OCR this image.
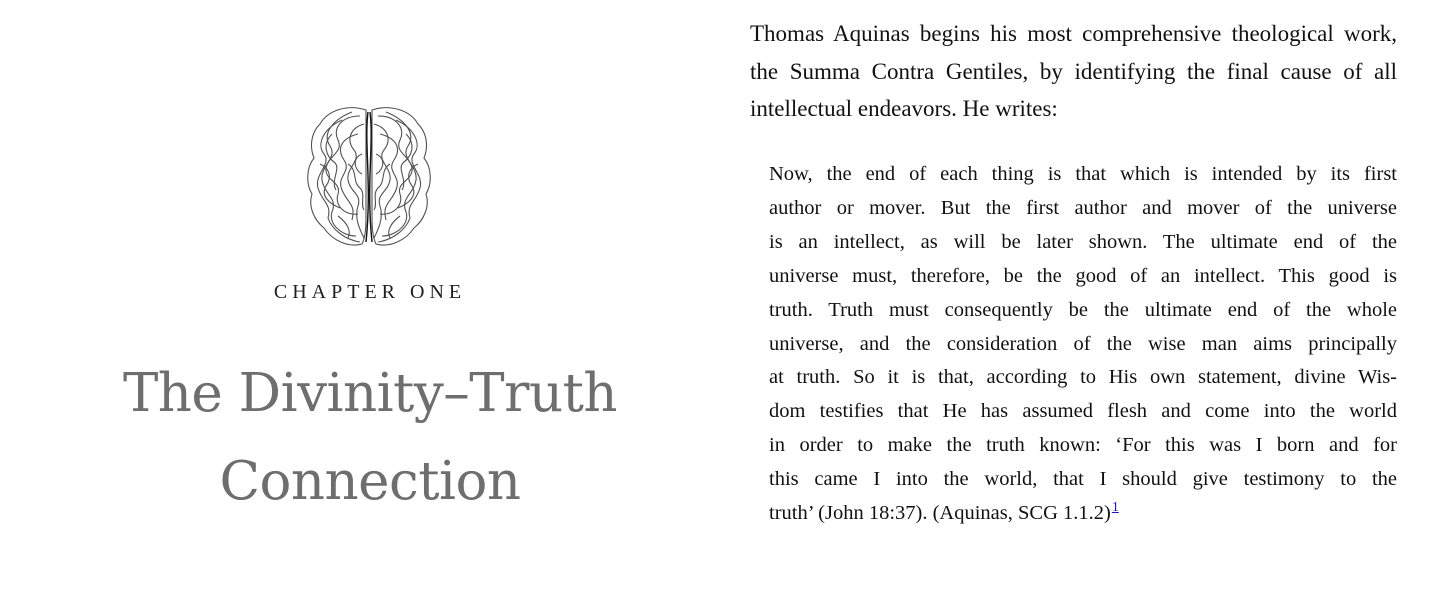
CHAPTER ONE
The Divinity–Truth Connection

Thomas Aquinas begins his most comprehensive theological work, the Summa Contra Gentiles, by identifying the final cause of all intellectual endeavors. He writes:

Now, the end of each thing is that which is intended by its first
author or mover. But the first author and mover of the universe
is an intellect, as will be later shown. The ultimate end of the
universe must, therefore, be the good of an intellect. This good is
truth. Truth must consequently be the ultimate end of the whole
universe, and the consideration of the wise man aims principally
at truth. So it is that, according to His own statement, divine Wis-
dom testifies that He has assumed flesh and come into the world
in order to make the truth known: ‘For this was I born and for
this came I into the world, that I should give testimony to the
truth’ (John 18:37). (Aquinas, SCG 1.1.2)$^1$
